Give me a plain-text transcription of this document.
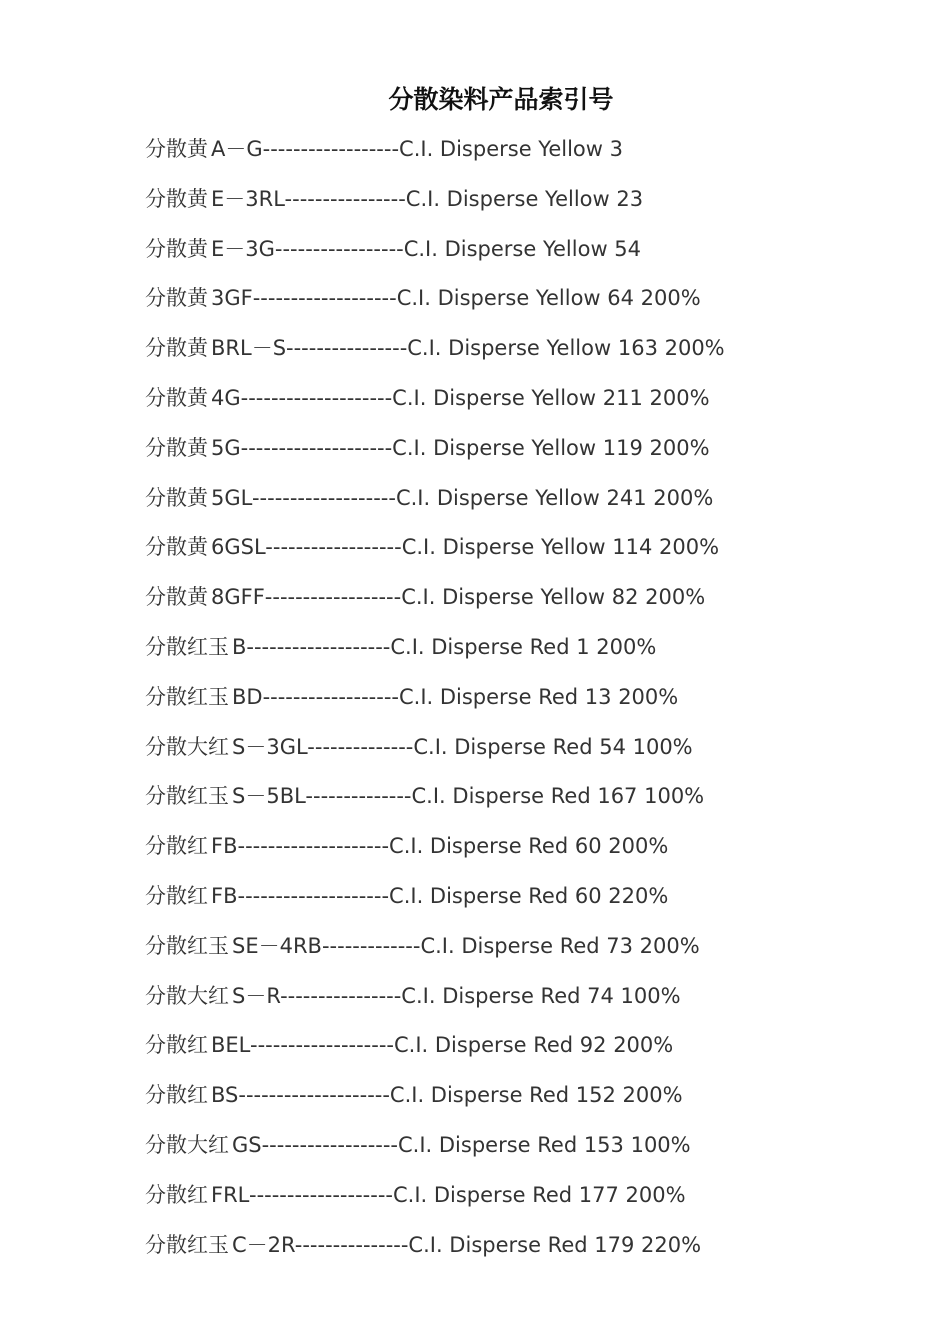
分散染料产品索引号
分散黄 A－G------------------C.I. Disperse Yellow 3
分散黄 E－3RL----------------C.I. Disperse Yellow 23
分散黄 E－3G-----------------C.I. Disperse Yellow 54
分散黄 3GF-------------------C.I. Disperse Yellow 64 200%
分散黄 BRL－S----------------C.I. Disperse Yellow 163 200%
分散黄 4G--------------------C.I. Disperse Yellow 211 200%
分散黄 5G--------------------C.I. Disperse Yellow 119 200%
分散黄 5GL-------------------C.I. Disperse Yellow 241 200%
分散黄 6GSL------------------C.I. Disperse Yellow 114 200%
分散黄 8GFF------------------C.I. Disperse Yellow 82 200%
分散红玉 B-------------------C.I. Disperse Red 1 200%
分散红玉 BD------------------C.I. Disperse Red 13 200%
分散大红 S－3GL--------------C.I. Disperse Red 54 100%
分散红玉 S－5BL--------------C.I. Disperse Red 167 100%
分散红 FB--------------------C.I. Disperse Red 60 200%
分散红 FB--------------------C.I. Disperse Red 60 220%
分散红玉 SE－4RB-------------C.I. Disperse Red 73 200%
分散大红 S－R----------------C.I. Disperse Red 74 100%
分散红 BEL-------------------C.I. Disperse Red 92 200%
分散红 BS--------------------C.I. Disperse Red 152 200%
分散大红 GS------------------C.I. Disperse Red 153 100%
分散红 FRL-------------------C.I. Disperse Red 177 200%
分散红玉 C－2R---------------C.I. Disperse Red 179 220%
